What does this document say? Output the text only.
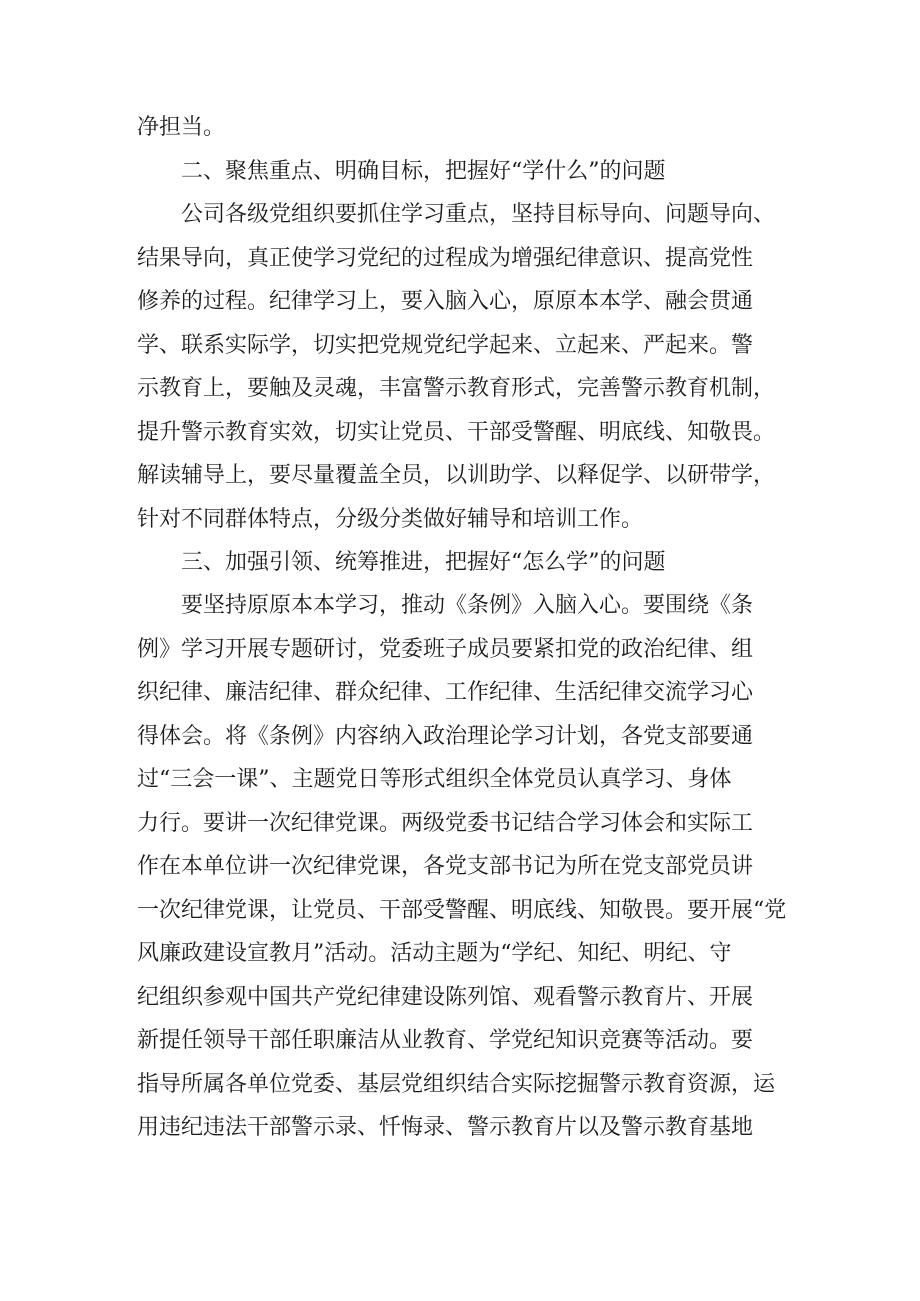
净担当。
二、聚焦重点、明确目标，把握好“学什么”的问题
公司各级党组织要抓住学习重点，坚持目标导向、问题导向、
结果导向，真正使学习党纪的过程成为增强纪律意识、提高党性
修养的过程。纪律学习上，要入脑入心，原原本本学、融会贯通
学、联系实际学，切实把党规党纪学起来、立起来、严起来。警
示教育上，要触及灵魂，丰富警示教育形式，完善警示教育机制，
提升警示教育实效，切实让党员、干部受警醒、明底线、知敬畏。
解读辅导上，要尽量覆盖全员，以训助学、以释促学、以研带学，
针对不同群体特点，分级分类做好辅导和培训工作。
三、加强引领、统筹推进，把握好“怎么学”的问题
要坚持原原本本学习，推动《条例》入脑入心。要围绕《条
例》学习开展专题研讨，党委班子成员要紧扣党的政治纪律、组
织纪律、廉洁纪律、群众纪律、工作纪律、生活纪律交流学习心
得体会。将《条例》内容纳入政治理论学习计划，各党支部要通
过“三会一课”、主题党日等形式组织全体党员认真学习、身体
力行。要讲一次纪律党课。两级党委书记结合学习体会和实际工
作在本单位讲一次纪律党课，各党支部书记为所在党支部党员讲
一次纪律党课，让党员、干部受警醒、明底线、知敬畏。要开展“党
风廉政建设宣教月”活动。活动主题为“学纪、知纪、明纪、守
纪组织参观中国共产党纪律建设陈列馆、观看警示教育片、开展
新提任领导干部任职廉洁从业教育、学党纪知识竞赛等活动。要
指导所属各单位党委、基层党组织结合实际挖掘警示教育资源，运
用违纪违法干部警示录、忏悔录、警示教育片以及警示教育基地
